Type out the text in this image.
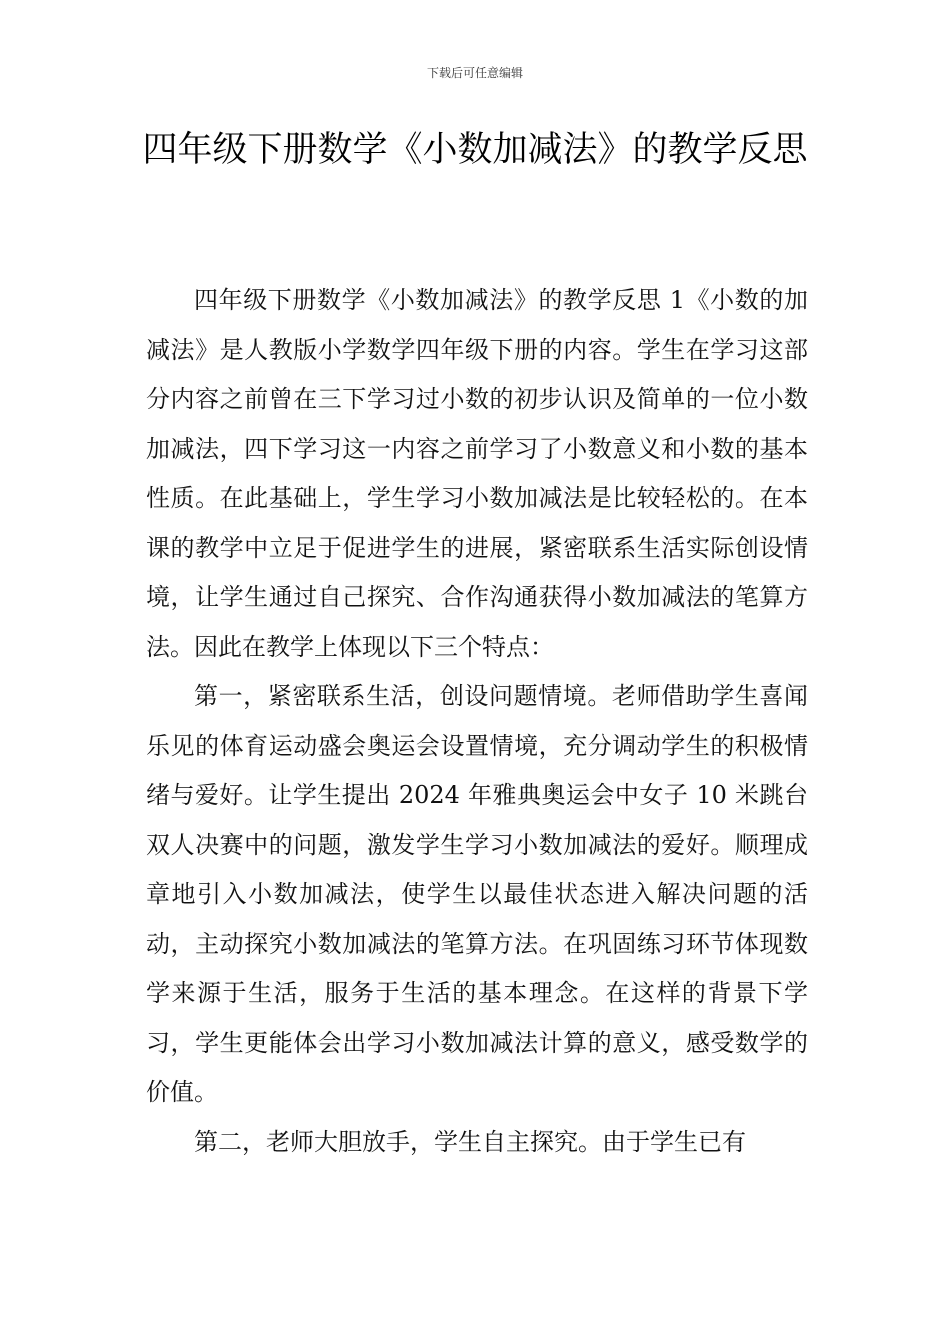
下载后可任意编辑
四年级下册数学《小数加减法》的教学反思

四年级下册数学《小数加减法》的教学反思 1《小数的加减法》是人教版小学数学四年级下册的内容。学生在学习这部分内容之前曾在三下学习过小数的初步认识及简单的一位小数加减法，四下学习这一内容之前学习了小数意义和小数的基本性质。在此基础上，学生学习小数加减法是比较轻松的。在本课的教学中立足于促进学生的进展，紧密联系生活实际创设情境，让学生通过自己探究、合作沟通获得小数加减法的笔算方法。因此在教学上体现以下三个特点：

第一，紧密联系生活，创设问题情境。老师借助学生喜闻乐见的体育运动盛会奥运会设置情境，充分调动学生的积极情绪与爱好。让学生提出 2024 年雅典奥运会中女子 10 米跳台双人决赛中的问题，激发学生学习小数加减法的爱好。顺理成章地引入小数加减法，使学生以最佳状态进入解决问题的活动，主动探究小数加减法的笔算方法。在巩固练习环节体现数学来源于生活，服务于生活的基本理念。在这样的背景下学习，学生更能体会出学习小数加减法计算的意义，感受数学的价值。

第二，老师大胆放手，学生自主探究。由于学生已有
